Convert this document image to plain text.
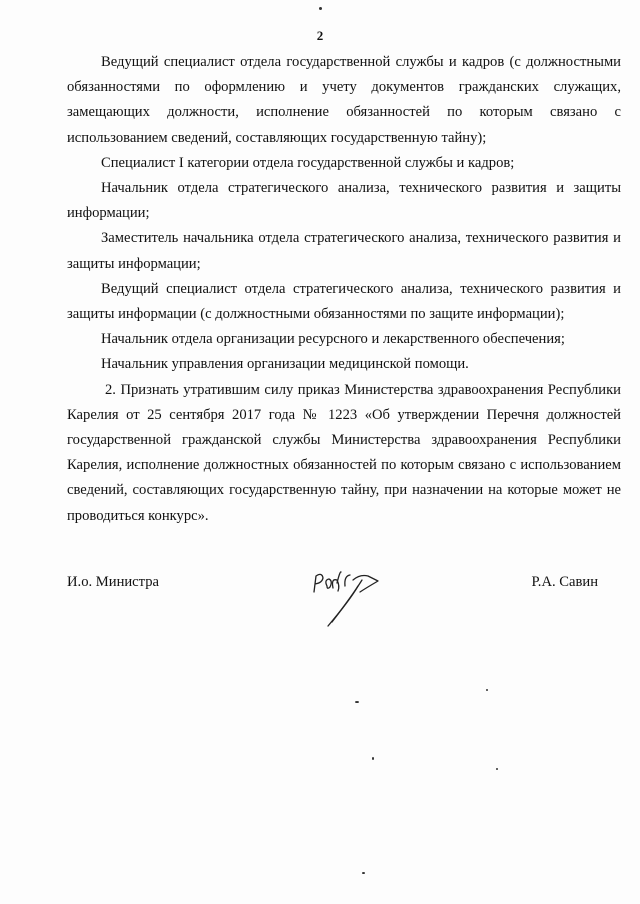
2

Ведущий специалист отдела государственной службы и кадров (с должностными обязанностями по оформлению и учету документов гражданских служащих, замещающих должности, исполнение обязанностей по которым связано с использованием сведений, составляющих государственную тайну);

Специалист I категории отдела государственной службы и кадров;

Начальник отдела стратегического анализа, технического развития и защиты информации;

Заместитель начальника отдела стратегического анализа, технического развития и защиты информации;

Ведущий специалист отдела стратегического анализа, технического развития и защиты информации (с должностными обязанностями по защите информации);

Начальник отдела организации ресурсного и лекарственного обеспечения;

Начальник управления организации медицинской помощи.

2. Признать утратившим силу приказ Министерства здравоохранения Республики Карелия от 25 сентября 2017 года № 1223 «Об утверждении Перечня должностей государственной гражданской службы Министерства здравоохранения Республики Карелия, исполнение должностных обязанностей по которым связано с использованием сведений, составляющих государственную тайну, при назначении на которые может не проводиться конкурс».

И.о. Министра	Р.А. Савин
